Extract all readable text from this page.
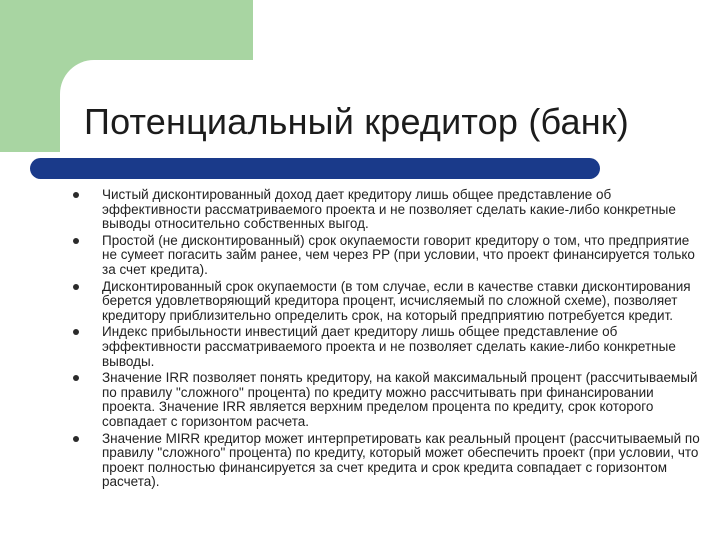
Потенциальный кредитор (банк)
Чистый дисконтированный доход дает кредитору лишь общее представление об эффективности рассматриваемого проекта и не позволяет сделать какие-либо конкретные выводы относительно собственных выгод.
Простой (не дисконтированный) срок окупаемости говорит кредитору о том, что предприятие не сумеет погасить займ ранее, чем через PP (при условии, что проект финансируется только за счет кредита).
Дисконтированный срок окупаемости (в том случае, если в качестве ставки дисконтирования берется удовлетворяющий кредитора процент, исчисляемый по сложной схеме), позволяет кредитору приблизительно определить срок, на который предприятию потребуется кредит.
Индекс прибыльности инвестиций дает кредитору лишь общее представление об эффективности рассматриваемого проекта и не позволяет сделать какие-либо конкретные выводы.
Значение IRR позволяет понять кредитору, на какой максимальный процент (рассчитываемый по правилу "сложного" процента) по кредиту можно рассчитывать при финансировании проекта. Значение IRR является верхним пределом процента по кредиту, срок которого совпадает с горизонтом расчета.
Значение MIRR кредитор может интерпретировать как реальный процент (рассчитываемый по правилу "сложного" процента) по кредиту, который может обеспечить проект (при условии, что проект полностью финансируется за счет кредита и срок кредита совпадает с горизонтом расчета).
